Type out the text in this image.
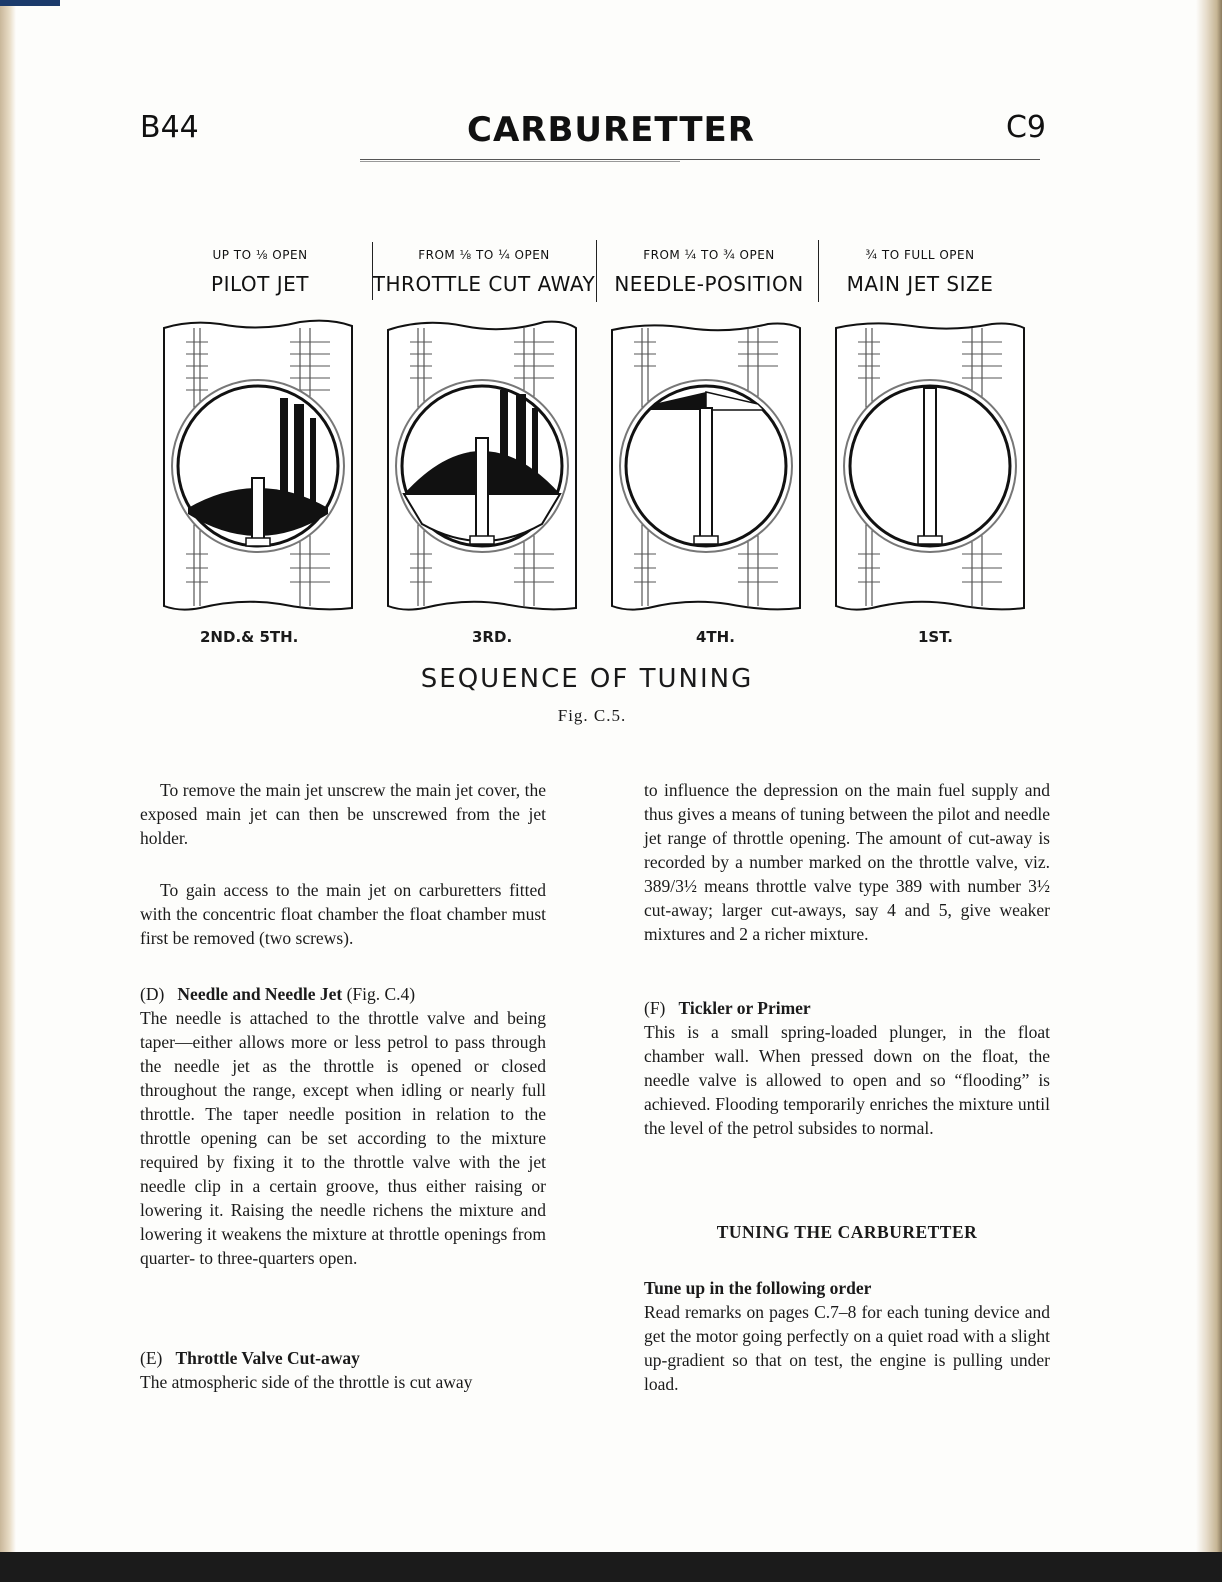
B44	CARBURETTER	C9
UP TO ⅛ OPEN
PILOT JET
FROM ⅛ TO ¼ OPEN
THROTTLE CUT AWAY
FROM ¼ TO ¾ OPEN
NEEDLE-POSITION
¾ TO FULL OPEN
MAIN JET SIZE
2ND.& 5TH.	3RD.	4TH.	1ST.
SEQUENCE OF TUNING
Fig. C.5.

To remove the main jet unscrew the main jet cover, the exposed main jet can then be unscrewed from the jet holder.

To gain access to the main jet on carburetters fitted with the concentric float chamber the float chamber must first be removed (two screws).

(D) Needle and Needle Jet (Fig. C.4)

The needle is attached to the throttle valve and being taper—either allows more or less petrol to pass through the needle jet as the throttle is opened or closed throughout the range, except when idling or nearly full throttle. The taper needle position in relation to the throttle opening can be set according to the mixture required by fixing it to the throttle valve with the jet needle clip in a certain groove, thus either raising or lowering it. Raising the needle richens the mixture and lowering it weakens the mixture at throttle openings from quarter- to three-quarters open.

(E) Throttle Valve Cut-away

The atmospheric side of the throttle is cut away

to influence the depression on the main fuel supply and thus gives a means of tuning between the pilot and needle jet range of throttle opening. The amount of cut-away is recorded by a number marked on the throttle valve, viz. 389/3½ means throttle valve type 389 with number 3½ cut-away; larger cut-aways, say 4 and 5, give weaker mixtures and 2 a richer mixture.

(F) Tickler or Primer

This is a small spring-loaded plunger, in the float chamber wall. When pressed down on the float, the needle valve is allowed to open and so “flooding” is achieved. Flooding temporarily enriches the mixture until the level of the petrol subsides to normal.

TUNING THE CARBURETTER
Tune up in the following order

Read remarks on pages C.7–8 for each tuning device and get the motor going perfectly on a quiet road with a slight up-gradient so that on test, the engine is pulling under load.
